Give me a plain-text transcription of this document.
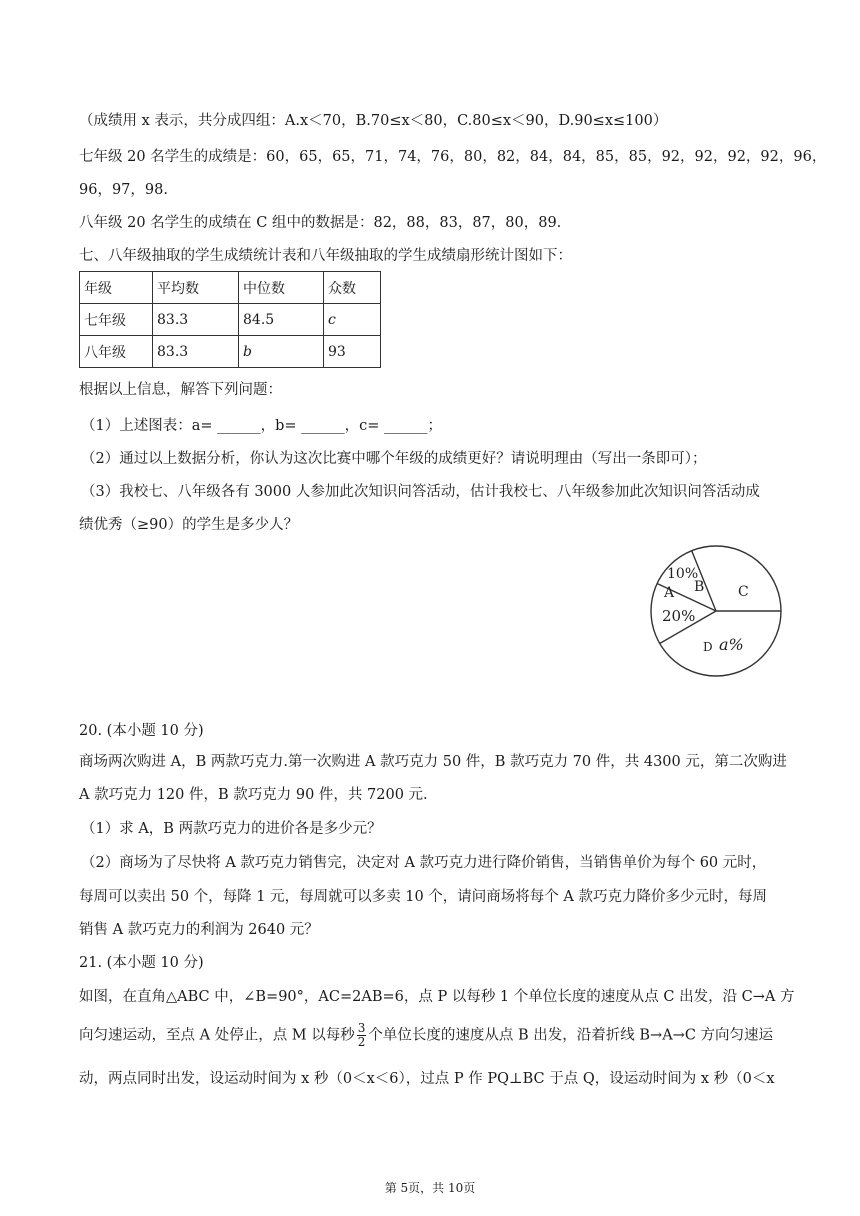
（成绩用 x 表示，共分成四组：A.x＜70，B.70≤x＜80，C.80≤x＜90，D.90≤x≤100）
七年级 20 名学生的成绩是：60，65，65，71，74，76，80，82，84，84，85，85，92，92，92，92，96，
96，97，98.
八年级 20 名学生的成绩在 C 组中的数据是：82，88，83，87，80，89.
七、八年级抽取的学生成绩统计表和八年级抽取的学生成绩扇形统计图如下：
年级	平均数	中位数	众数
七年级	83.3	84.5	c
八年级	83.3	b	93
根据以上信息，解答下列问题：
（1）上述图表：a= ______，b= ______，c= ______；
（2）通过以上数据分析，你认为这次比赛中哪个年级的成绩更好？请说明理由（写出一条即可）；
（3）我校七、八年级各有 3000 人参加此次知识问答活动，估计我校七、八年级参加此次知识问答活动成
绩优秀（≥90）的学生是多少人？
10%
B
A
20%
C
D a%
20. (本小题 10 分)
商场两次购进 A，B 两款巧克力.第一次购进 A 款巧克力 50 件，B 款巧克力 70 件，共 4300 元，第二次购进
A 款巧克力 120 件，B 款巧克力 90 件，共 7200 元.
（1）求 A，B 两款巧克力的进价各是多少元？
（2）商场为了尽快将 A 款巧克力销售完，决定对 A 款巧克力进行降价销售，当销售单价为每个 60 元时，
每周可以卖出 50 个，每降 1 元，每周就可以多卖 10 个，请问商场将每个 A 款巧克力降价多少元时，每周
销售 A 款巧克力的利润为 2640 元？
21. (本小题 10 分)
如图，在直角△ABC 中，∠B=90°，AC=2AB=6，点 P 以每秒 1 个单位长度的速度从点 C 出发，沿 C→A 方
向匀速运动，至点 A 处停止，点 M 以每秒 $\frac{3}{2}$ 个单位长度的速度从点 B 出发，沿着折线 B→A→C 方向匀速运
动，两点同时出发，设运动时间为 x 秒（0＜x＜6），过点 P 作 PQ⊥BC 于点 Q，设运动时间为 x 秒（0＜x
第 5页，共 10页
